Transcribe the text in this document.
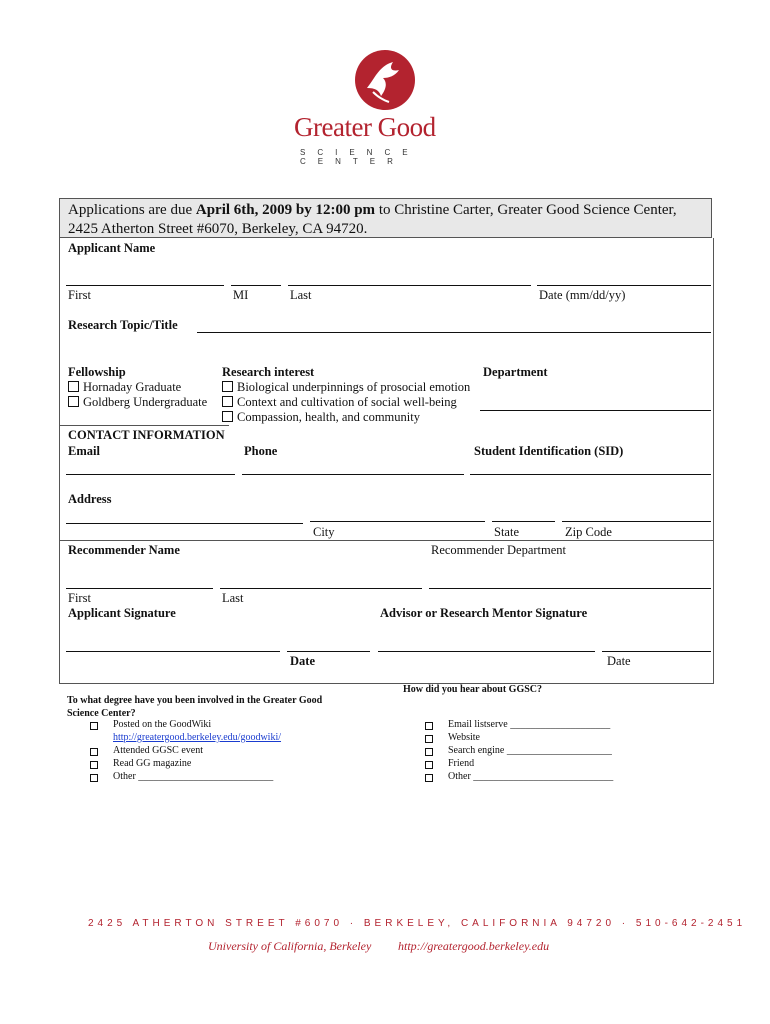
Greater Good
SCIENCE CENTER
Applications are due April 6th, 2009 by 12:00 pm to Christine Carter, Greater Good Science Center,
2425 Atherton Street #6070, Berkeley, CA 94720.
Applicant Name
First	MI	Last	Date (mm/dd/yy)
Research Topic/Title
Fellowship
Hornaday Graduate
Goldberg Undergraduate
Research interest
Biological underpinnings of prosocial emotion
Context and cultivation of social well-being
Compassion, health, and community
Department
CONTACT INFORMATION
Email	Phone	Student Identification (SID)
Address
City	State	Zip Code
Recommender Name	Recommender Department
First	Last
Applicant Signature	Advisor or Research Mentor Signature
Date	Date
To what degree have you been involved in the Greater Good
Science Center?
Posted on the GoodWiki
http://greatergood.berkeley.edu/goodwiki/
Attended GGSC event
Read GG magazine
Other ___________________________
How did you hear about GGSC?
Email listserve ____________________
Website
Search engine _____________________
Friend
Other ____________________________
2425 ATHERTON STREET #6070 · BERKELEY, CALIFORNIA 94720 · 510-642-2451
University of California, Berkeley http://greatergood.berkeley.edu
